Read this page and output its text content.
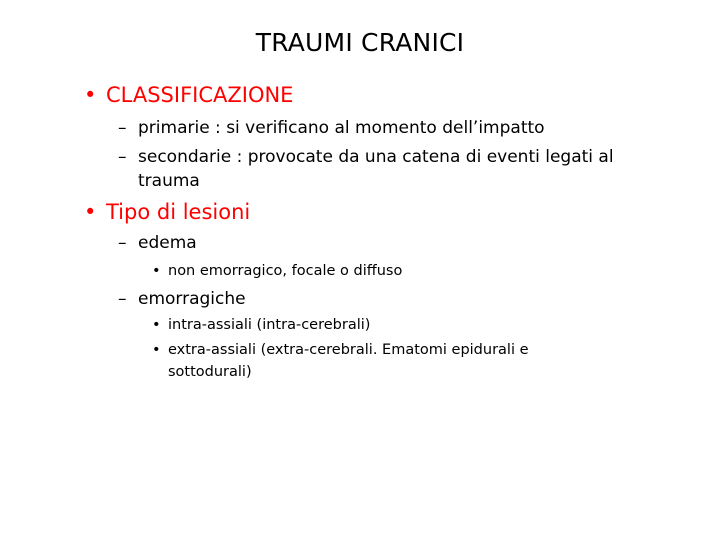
TRAUMI CRANICI
• CLASSIFICAZIONE
– primarie : si verificano al momento dell’impatto
– secondarie : provocate da una catena di eventi legati al
trauma
• Tipo di lesioni
– edema
• non emorragico, focale o diffuso
– emorragiche
• intra-assiali (intra-cerebrali)
• extra-assiali (extra-cerebrali. Ematomi epidurali e
sottodurali)
